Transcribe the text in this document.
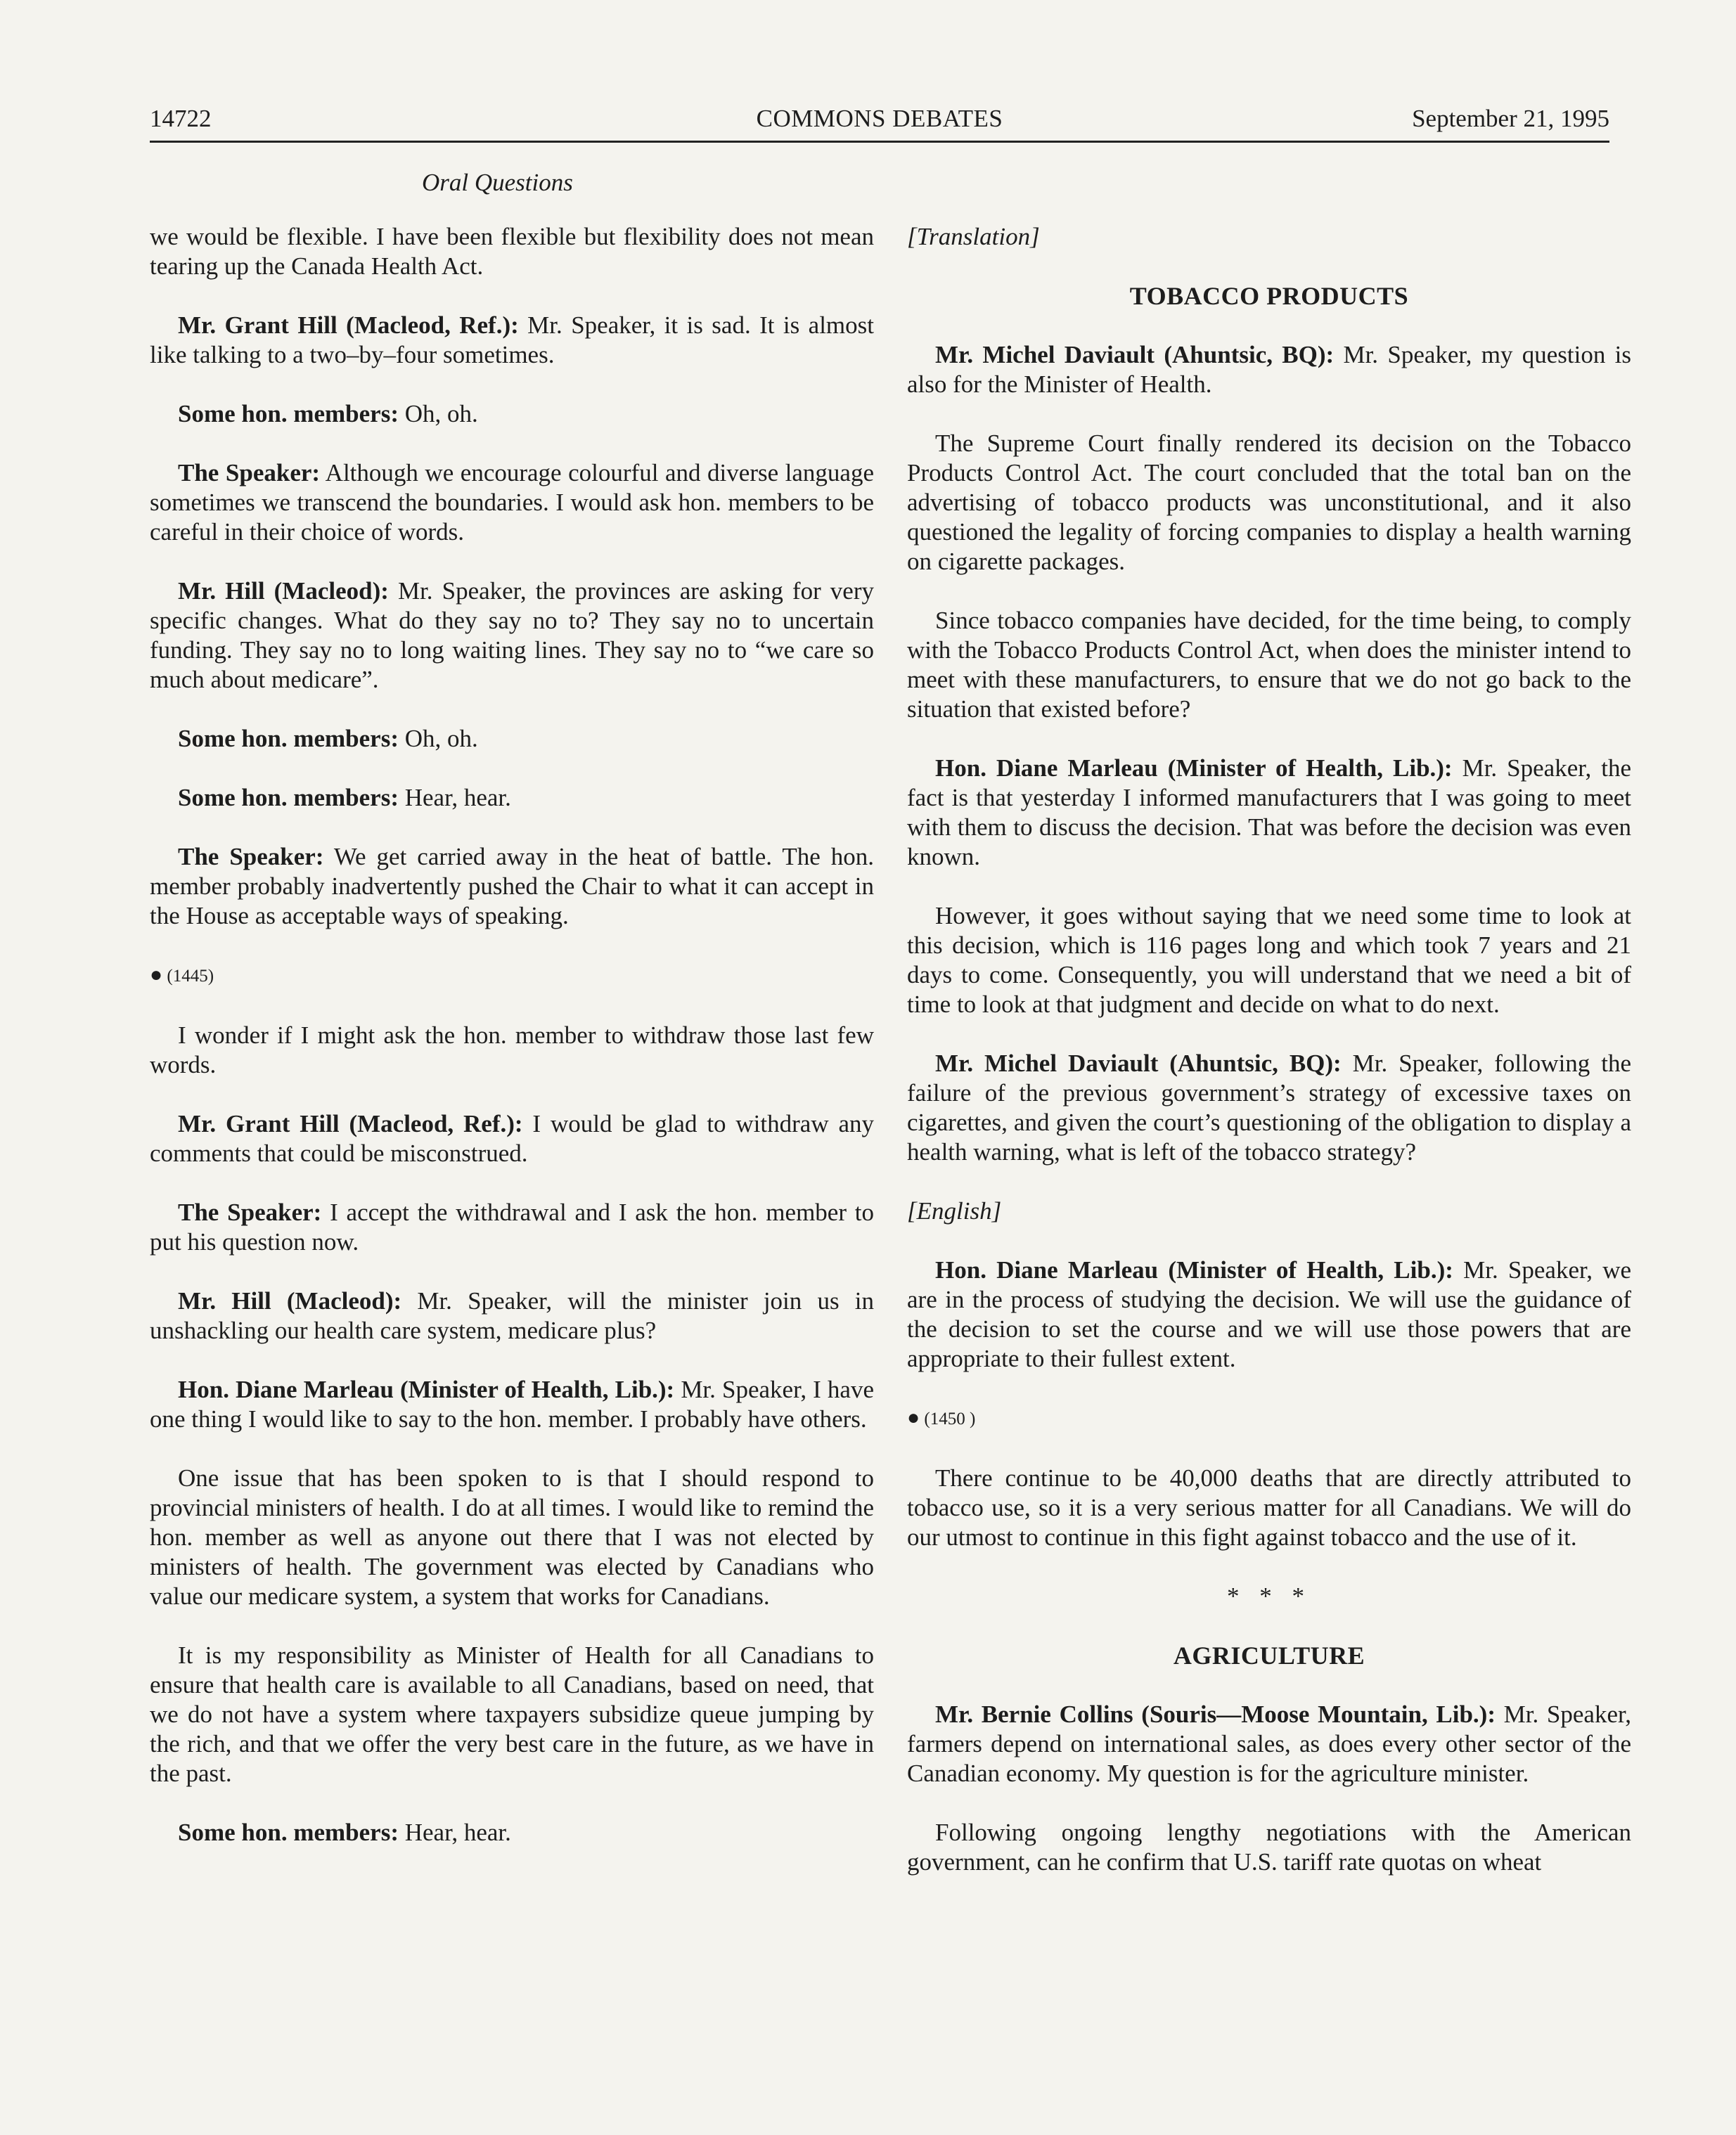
14722	COMMONS DEBATES	September 21, 1995
Oral Questions

we would be flexible. I have been flexible but flexibility does not mean tearing up the Canada Health Act.

Mr. Grant Hill (Macleod, Ref.): Mr. Speaker, it is sad. It is almost like talking to a two–by–four sometimes.

Some hon. members: Oh, oh.

The Speaker: Although we encourage colourful and diverse language sometimes we transcend the boundaries. I would ask hon. members to be careful in their choice of words.

Mr. Hill (Macleod): Mr. Speaker, the provinces are asking for very specific changes. What do they say no to? They say no to uncertain funding. They say no to long waiting lines. They say no to “we care so much about medicare”.

Some hon. members: Oh, oh.

Some hon. members: Hear, hear.

The Speaker: We get carried away in the heat of battle. The hon. member probably inadvertently pushed the Chair to what it can accept in the House as acceptable ways of speaking.

● (1445)

I wonder if I might ask the hon. member to withdraw those last few words.

Mr. Grant Hill (Macleod, Ref.): I would be glad to withdraw any comments that could be misconstrued.

The Speaker: I accept the withdrawal and I ask the hon. member to put his question now.

Mr. Hill (Macleod): Mr. Speaker, will the minister join us in unshackling our health care system, medicare plus?

Hon. Diane Marleau (Minister of Health, Lib.): Mr. Speaker, I have one thing I would like to say to the hon. member. I probably have others.

One issue that has been spoken to is that I should respond to provincial ministers of health. I do at all times. I would like to remind the hon. member as well as anyone out there that I was not elected by ministers of health. The government was elected by Canadians who value our medicare system, a system that works for Canadians.

It is my responsibility as Minister of Health for all Canadians to ensure that health care is available to all Canadians, based on need, that we do not have a system where taxpayers subsidize queue jumping by the rich, and that we offer the very best care in the future, as we have in the past.

Some hon. members: Hear, hear.

[Translation]
TOBACCO PRODUCTS

Mr. Michel Daviault (Ahuntsic, BQ): Mr. Speaker, my question is also for the Minister of Health.

The Supreme Court finally rendered its decision on the Tobacco Products Control Act. The court concluded that the total ban on the advertising of tobacco products was unconstitutional, and it also questioned the legality of forcing companies to display a health warning on cigarette packages.

Since tobacco companies have decided, for the time being, to comply with the Tobacco Products Control Act, when does the minister intend to meet with these manufacturers, to ensure that we do not go back to the situation that existed before?

Hon. Diane Marleau (Minister of Health, Lib.): Mr. Speaker, the fact is that yesterday I informed manufacturers that I was going to meet with them to discuss the decision. That was before the decision was even known.

However, it goes without saying that we need some time to look at this decision, which is 116 pages long and which took 7 years and 21 days to come. Consequently, you will understand that we need a bit of time to look at that judgment and decide on what to do next.

Mr. Michel Daviault (Ahuntsic, BQ): Mr. Speaker, following the failure of the previous government’s strategy of excessive taxes on cigarettes, and given the court’s questioning of the obligation to display a health warning, what is left of the tobacco strategy?

[English]

Hon. Diane Marleau (Minister of Health, Lib.): Mr. Speaker, we are in the process of studying the decision. We will use the guidance of the decision to set the course and we will use those powers that are appropriate to their fullest extent.

● (1450 )

There continue to be 40,000 deaths that are directly attributed to tobacco use, so it is a very serious matter for all Canadians. We will do our utmost to continue in this fight against tobacco and the use of it.

* * *
AGRICULTURE

Mr. Bernie Collins (Souris—Moose Mountain, Lib.): Mr. Speaker, farmers depend on international sales, as does every other sector of the Canadian economy. My question is for the agriculture minister.

Following ongoing lengthy negotiations with the American government, can he confirm that U.S. tariff rate quotas on wheat
